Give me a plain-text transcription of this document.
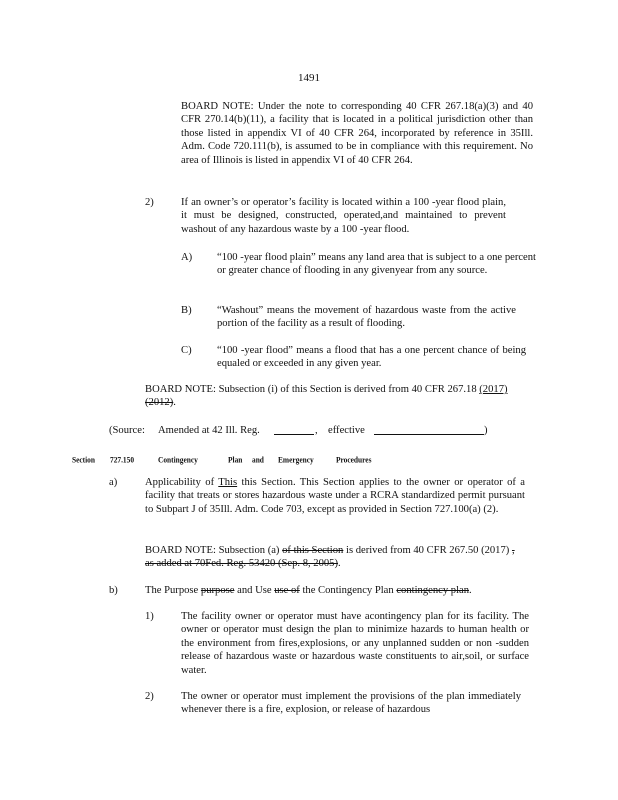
1491

BOARD NOTE: Under the note to corresponding 40 CFR 267.18(a)(3) and 40 CFR 270.14(b)(11), a facility that is located in a political jurisdiction other than those listed in appendix VI of 40 CFR 264, incorporated by reference in 35Ill. Adm. Code 720.111(b), is assumed to be in compliance with this requirement. No area of Illinois is listed in appendix VI of 40 CFR 264.

2)	If an owner’s or operator’s facility is located within a 100 -year flood plain, it must be designed, constructed, operated,and maintained to prevent washout of any hazardous waste by a 100 -year flood.

A) “100 -year flood plain” means any land area that is subject to a one percent or greater chance of flooding in any givenyear from any source.

B) “Washout” means the movement of hazardous waste from the active portion of the facility as a result of flooding.

C) “100 -year flood” means a flood that has a one percent chance of being equaled or exceeded in any given year.

BOARD NOTE: Subsection (i) of this Section is derived from 40 CFR 267.18 (2017) (2012).

(Source: Amended at 42 Ill. Reg.	, effective	)
Section 727.150	Contingency	Plan and Emergency	Procedures
a)	Applicability of This this Section. This Section applies to the owner or operator of a facility that treats or stores hazardous waste under a RCRA standardized permit pursuant to Subpart J of 35Ill. Adm. Code 703, except as provided in Section 727.100(a) (2).

BOARD NOTE: Subsection (a) of this Section is derived from 40 CFR 267.50 (2017) , as added at 70Fed. Reg. 53420 (Sep. 8, 2005).

b)	The Purpose purpose and Use use of the Contingency Plan contingency plan.

1)	The facility owner or operator must have acontingency plan for its facility. The owner or operator must design the plan to minimize hazards to human health or the environment from fires,explosions, or any unplanned sudden or non -sudden release of hazardous waste or hazardous waste constituents to air,soil, or surface water.

2)	The owner or operator must implement the provisions of the plan immediately whenever there is a fire, explosion, or release of hazardous
